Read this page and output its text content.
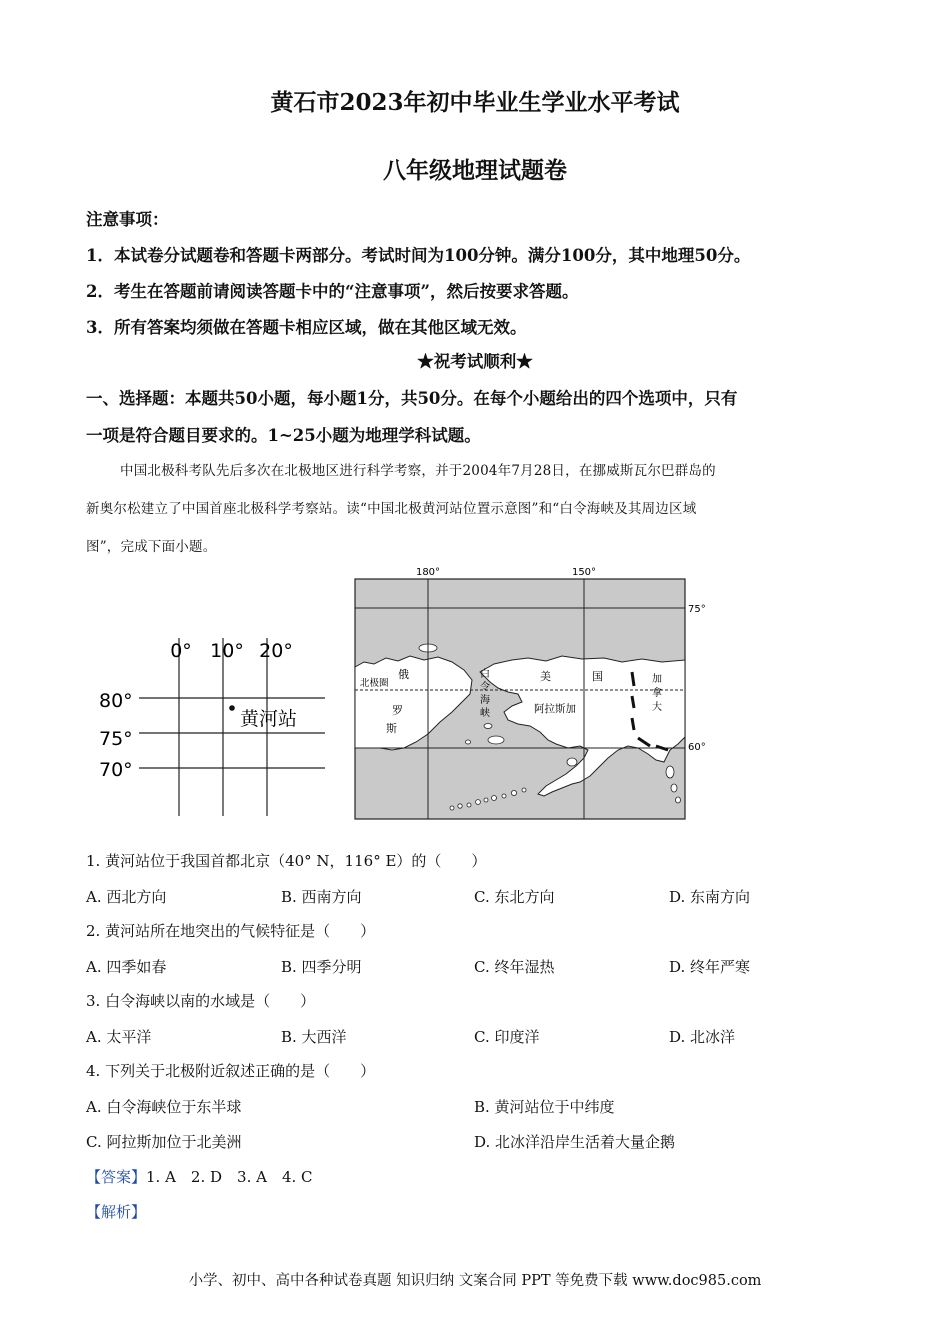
黄石市2023年初中毕业生学业水平考试
八年级地理试题卷
注意事项：
1．本试卷分试题卷和答题卡两部分。考试时间为100分钟。满分100分，其中地理50分。
2．考生在答题前请阅读答题卡中的“注意事项”，然后按要求答题。
3．所有答案均须做在答题卡相应区域，做在其他区域无效。
★祝考试顺利★
一、选择题：本题共50小题，每小题1分，共50分。在每个小题给出的四个选项中，只有
一项是符合题目要求的。1~25小题为地理学科试题。
中国北极科考队先后多次在北极地区进行科学考察，并于2004年7月28日，在挪威斯瓦尔巴群岛的
新奥尔松建立了中国首座北极科学考察站。读“中国北极黄河站位置示意图”和“白令海峡及其周边区域
图”，完成下面小题。
0° 10° 20°
80°
75°
70°
黄河站
180°	150°
75°
60°
北极圈
俄
罗
斯
白
令
海
峡
美	国
阿拉斯加
加
拿
大
1. 黄河站位于我国首都北京（40° N，116° E）的（　　）
A. 西北方向	B. 西南方向	C. 东北方向	D. 东南方向
2. 黄河站所在地突出的气候特征是（　　）
A. 四季如春	B. 四季分明	C. 终年湿热	D. 终年严寒
3. 白令海峡以南的水域是（　　）
A. 太平洋	B. 大西洋	C. 印度洋	D. 北冰洋
4. 下列关于北极附近叙述正确的是（　　）
A. 白令海峡位于东半球	B. 黄河站位于中纬度
C. 阿拉斯加位于北美洲	D. 北冰洋沿岸生活着大量企鹅
【答案】1. A　2. D　3. A　4. C
【解析】
小学、初中、高中各种试卷真题 知识归纳 文案合同 PPT 等免费下载 www.doc985.com
